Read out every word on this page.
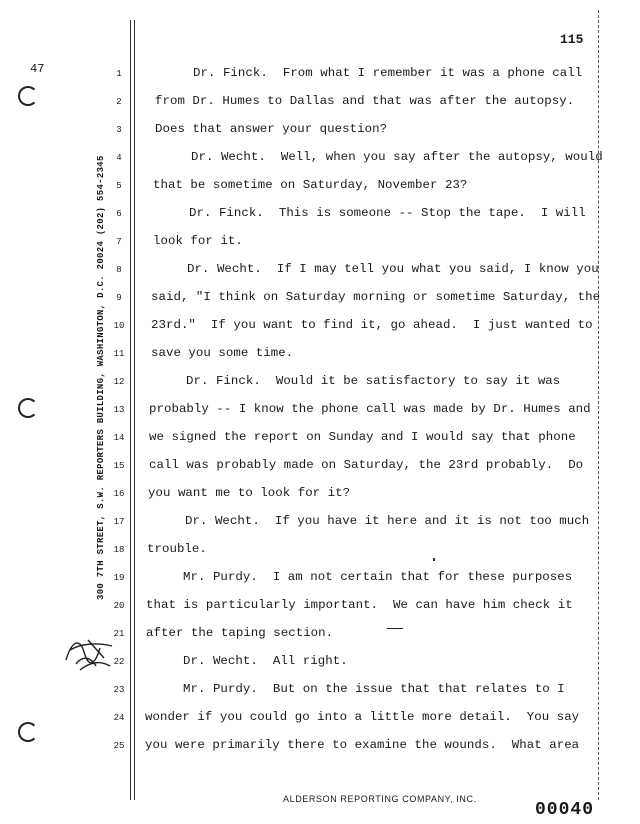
115
47
300 7TH STREET, S.W. REPORTERS BUILDING, WASHINGTON, D.C. 20024 (202) 554-2345
1
2
3
4
5
6
7
8
9
10
11
12
13
14
15
16
17
18
19
20
21
22
23
24
25
Dr. Finck.  From what I remember it was a phone call
from Dr. Humes to Dallas and that was after the autopsy.
Does that answer your question?
Dr. Wecht.  Well, when you say after the autopsy, would
that be sometime on Saturday, November 23?
Dr. Finck.  This is someone -- Stop the tape.  I will
look for it.
Dr. Wecht.  If I may tell you what you said, I know you
said, "I think on Saturday morning or sometime Saturday, the
23rd."  If you want to find it, go ahead.  I just wanted to
save you some time.
Dr. Finck.  Would it be satisfactory to say it was
probably -- I know the phone call was made by Dr. Humes and
we signed the report on Sunday and I would say that phone
call was probably made on Saturday, the 23rd probably.  Do
you want me to look for it?
Dr. Wecht.  If you have it here and it is not too much
trouble.
Mr. Purdy.  I am not certain that for these purposes
that is particularly important.  We can have him check it
after the taping section.
Dr. Wecht.  All right.
Mr. Purdy.  But on the issue that that relates to I
wonder if you could go into a little more detail.  You say
you were primarily there to examine the wounds.  What area
ALDERSON REPORTING COMPANY, INC.
00040
